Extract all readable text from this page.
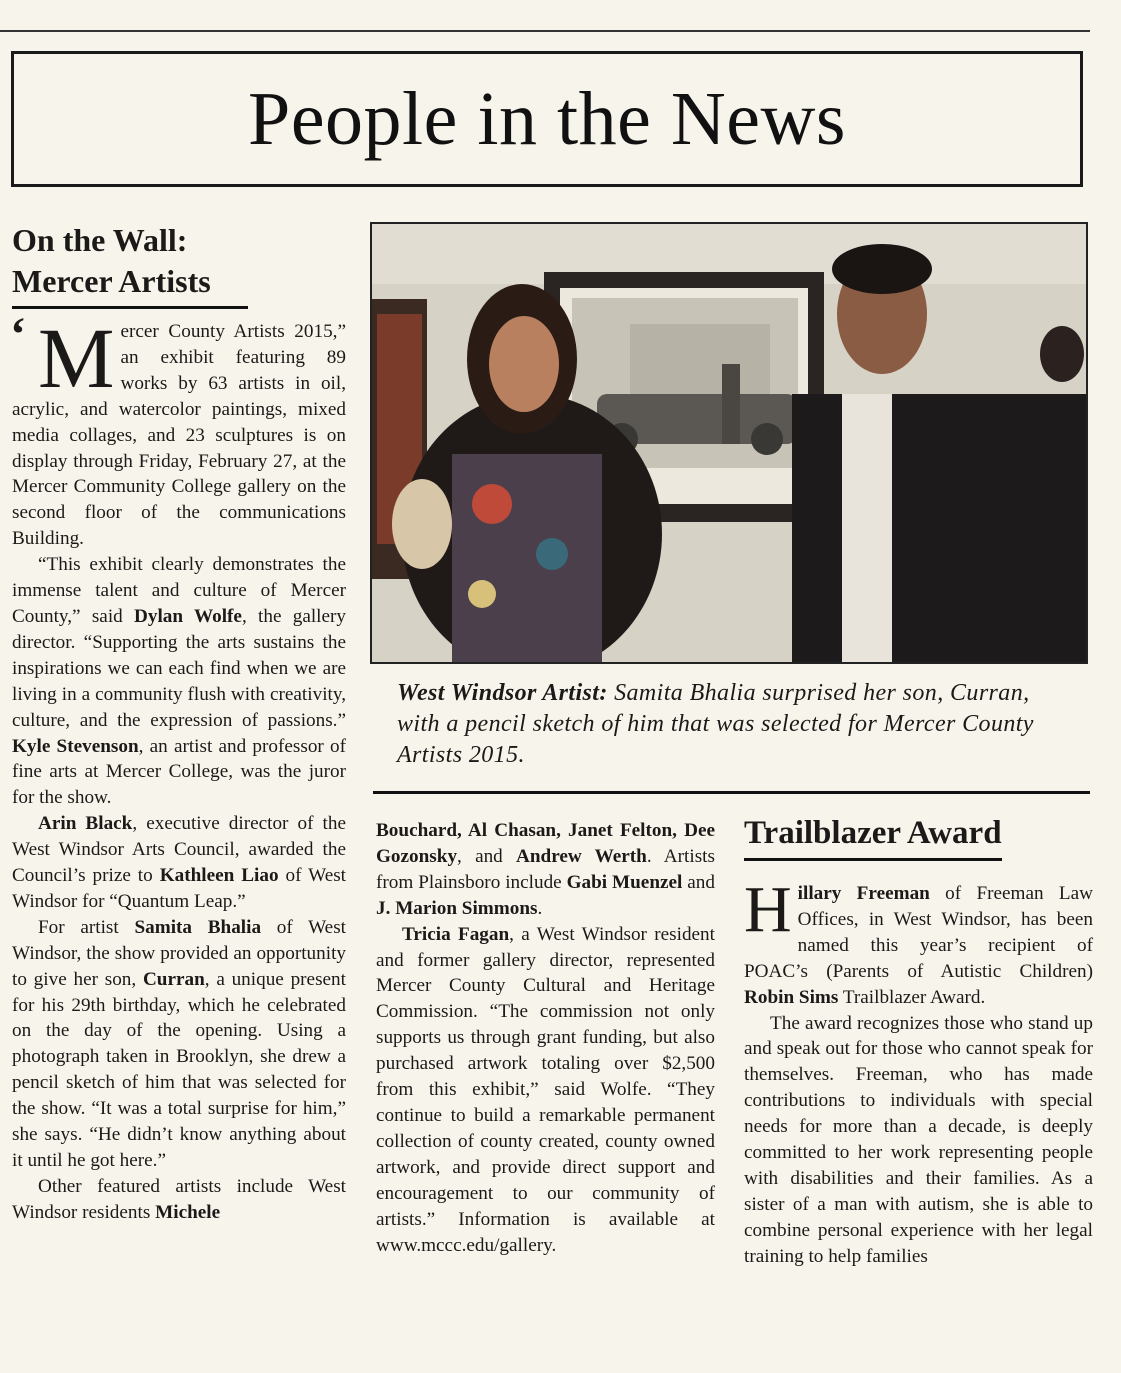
People in the News
On the Wall: Mercer Artists

‘ M ercer County Artists 2015,” an exhibit featuring 89 works by 63 artists in oil, acrylic, and watercolor paintings, mixed media collages, and 23 sculptures is on display through Friday, February 27, at the Mercer Community College gallery on the second floor of the communications Building.

“This exhibit clearly demonstrates the immense talent and culture of Mercer County,” said Dylan Wolfe, the gallery director. “Supporting the arts sustains the inspirations we can each find when we are living in a community flush with creativity, culture, and the expression of passions.” Kyle Stevenson, an artist and professor of fine arts at Mercer College, was the juror for the show.

Arin Black, executive director of the West Windsor Arts Council, awarded the Council’s prize to Kathleen Liao of West Windsor for “Quantum Leap.”

For artist Samita Bhalia of West Windsor, the show provided an opportunity to give her son, Curran, a unique present for his 29th birthday, which he celebrated on the day of the opening. Using a photograph taken in Brooklyn, she drew a pencil sketch of him that was selected for the show. “It was a total surprise for him,” she says. “He didn’t know anything about it until he got here.”

Other featured artists include West Windsor residents Michele

West Windsor Artist: Samita Bhalia surprised her son, Curran, with a pencil sketch of him that was selected for Mercer County Artists 2015.

Bouchard, Al Chasan, Janet Felton, Dee Gozonsky, and Andrew Werth. Artists from Plainsboro include Gabi Muenzel and J. Marion Simmons.

Tricia Fagan, a West Windsor resident and former gallery director, represented Mercer County Cultural and Heritage Commission. “The commission not only supports us through grant funding, but also purchased artwork totaling over $2,500 from this exhibit,” said Wolfe. “They continue to build a remarkable permanent collection of county created, county owned artwork, and provide direct support and encouragement to our community of artists.” Information is available at www.mccc.edu/gallery.

Trailblazer Award

Hillary Freeman of Freeman Law Offices, in West Windsor, has been named this year’s recipient of POAC’s (Parents of Autistic Children) Robin Sims Trailblazer Award.

The award recognizes those who stand up and speak out for those who cannot speak for themselves. Freeman, who has made contributions to individuals with special needs for more than a decade, is deeply committed to her work representing people with disabilities and their families. As a sister of a man with autism, she is able to combine personal experience with her legal training to help families
